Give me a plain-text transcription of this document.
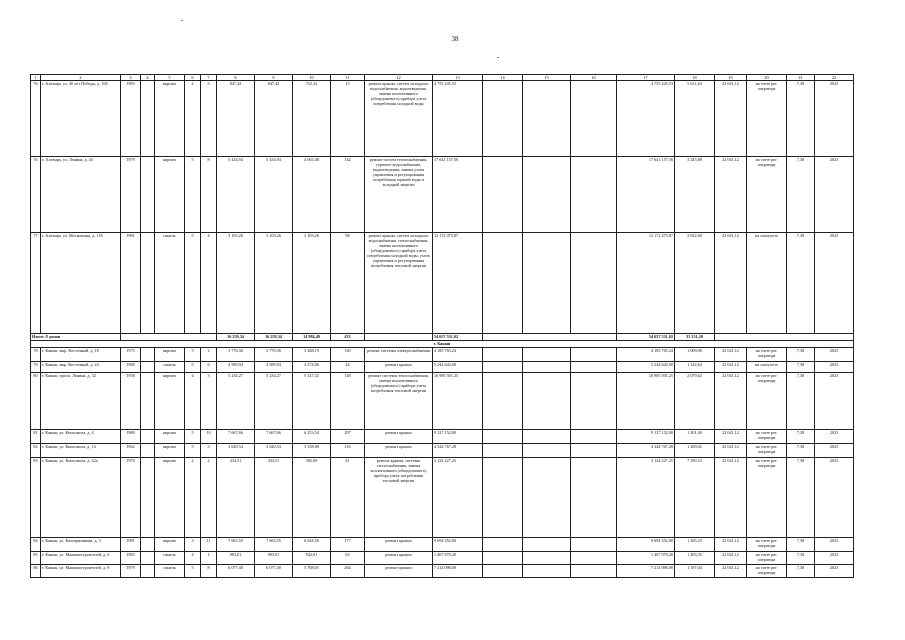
38
1	2	3	4	5	6	7	8	9	10	11	12	13	14	15	16	17	18	19	20	21	22
76	г. Алатырь, ул. 40 лет Победы, д. 10б	1983		кирпич	2	3	847,42	847,42	752,32	15	ремонт крыши, систем холодного водоснабжения, водоотведения, замена коллективного (общедомового) прибора учета потребления холодной воды	4 755 245,53				4 755 245,53	5 611,44	22 041,12	на счете рег. оператора	7,38	2023
76	г. Алатырь, ул. Ленина, д. 43	1979		кирпич	5	8	5 434,94	5 434,94	4 665,48	142	ремонт систем теплоснабжения, горячего водоснабжения, водоотведения, замена узлов управления и регулирования потребления горячей воды и холодной энергии	17 641 157,56				17 641 157,56	3 245,88	22 041,12	на счете рег. оператора	7,38	2023
77	г. Алатырь, ул. Московская, д. 118	1981		панель	5	4	3 103,26	3 103,26	3 103,26	98	ремонт крыши, систем холодного водоснабжения, теплоснабжения, замена коллективного (общедомового) прибора учета потребления холодной воды, узлов управления и регулирования потребления тепловой энергии	12 172 475,87				12 172 475,87	3 922,60	22 041,12	на спецсчете	7,38	2023
Итого: 8 домов							16 259,34	16 259,34	14 984,49	433		54 657 531,02				54 657 531,02	33 151,20				
г. Канаш																					
78	г. Канаш, мкр. Восточный, д. 18	1975		кирпич	5	2	3 776,36	3 776,36	3 268,19	140	ремонт системы электроснабжения	4 185 765,24				4 185 765,24	1 009,00	22 041,12	на счете рег. оператора	7,38	2023
79	г. Канаш, мкр. Восточный, д. 24	1980		панель	5	6	4 589,94	4 589,94	4 274,06	24	ремонт крыши	5 244 642,00				5 244 642,00	1 142,64	22 041,12	на спецсчете	7,38	2023
80	г. Канаш, просп. Ленина, д. 32	1958		кирпич	4	3	5 234,27	5 234,27	5 147,32	148	ремонт системы теплоснабжения, замена коллективного (общедомового) прибора учета потребления тепловой энергии	10 985 501,25				10 985 501,25	2 079,62	22 041,12	на счете рег. оператора	7,38	2023
81	г. Канаш, ул. Комсомола, д. 4	1980		кирпич	5	10	7 667,66	7 667,66	6 253,54	297	ремонт крыши	9 127 152,00				9 127 152,00	1 201,40	22 041,12	на счете рег. оператора	7,38	2023
82	г. Канаш, ул. Комсомола, д. 14	1962		кирпич	5	3	3 620,54	3 620,54	3 358,80	116	ремонт крыши	4 344 767,28				4 344 767,28	1 200,02	22 041,12	на счете рег. оператора	7,38	2023
83	г. Канаш, ул. Комсомола, д. 32а	1970		кирпич	2	2	434,51	434,51	392,09	41	ремонт крыши, системы теплоснабжения, замена коллективного (общедомового) прибора учета потребления тепловой энергии	3 124 227,25				3 124 227,25	7 190,23	22 041,12	на счете рег. оператора	7,38	2023
84	г. Канаш, ул. Кооперативная, д. 3	1981		кирпич	3	11	7 663,55	7 663,55	6 624,56	177	ремонт крыши	9 694 352,00				9 694 352,00	1 265,25	22 041,12	на счете рег. оператора	7,38	2023
85	г. Канаш, ул. Машиностроителей, д. 6	1983		панель	4	1	983,01	983,01	942,01	63	ремонт крыши	1 467 979,20				1 467 979,20	1 493,35	22 041,12	на счете рег. оператора	7,38	2023
86	г. Канаш, ул. Машиностроителей, д. 9	1979		панель	5	8	6 077,40	6 077,40	5 768,05	264	ремонт крыши	7 214 096,00				7 214 096,00	1 187,04	22 041,12	на счете рег. оператора	7,38	2023
